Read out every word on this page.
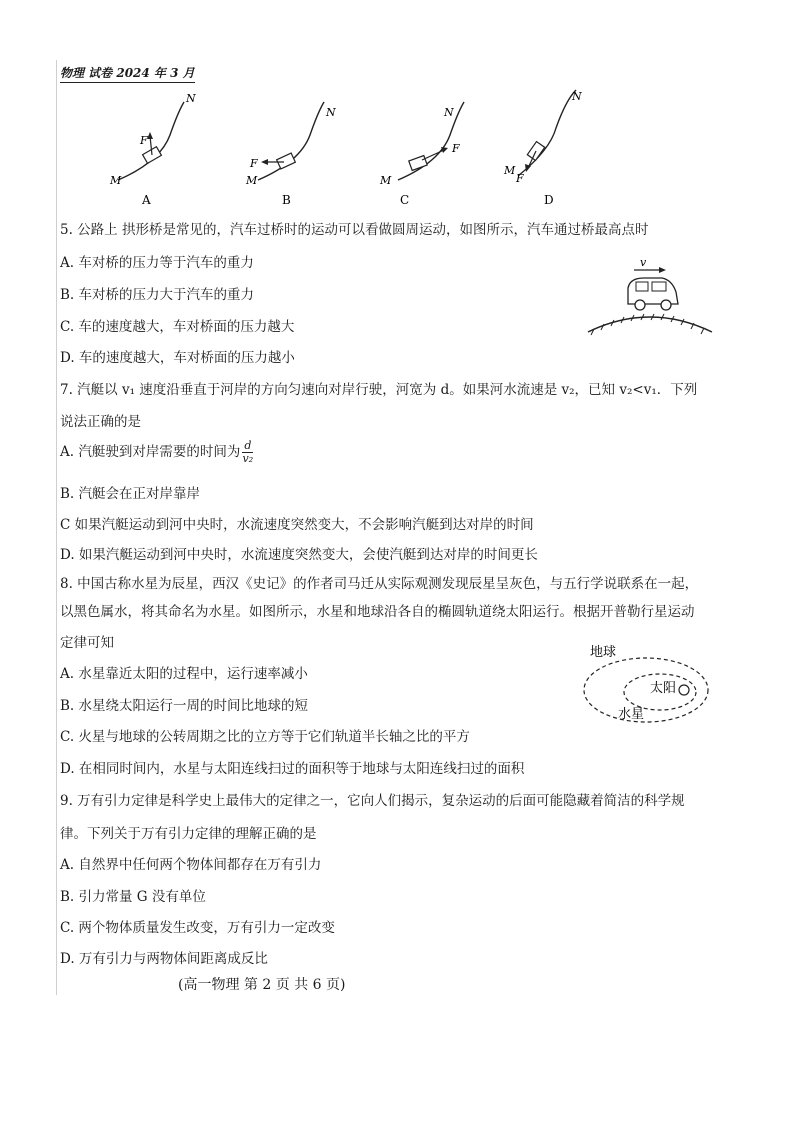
物理 试卷 2024 年 3 月
F
M
N
A
F
M
N
B
F
M
N
C
F
M
N
D
5. 公路上 拱形桥是常见的，汽车过桥时的运动可以看做圆周运动，如图所示，汽车通过桥最高点时
A. 车对桥的压力等于汽车的重力
B. 车对桥的压力大于汽车的重力
C. 车的速度越大，车对桥面的压力越大
D. 车的速度越大，车对桥面的压力越小
v
7. 汽艇以 v₁ 速度沿垂直于河岸的方向匀速向对岸行驶，河宽为 d。如果河水流速是 v₂，已知 v₂<v₁．下列
说法正确的是
A. 汽艇驶到对岸需要的时间为 $\frac{d}{\text{v₂}}$
B. 汽艇会在正对岸靠岸
C 如果汽艇运动到河中央时，水流速度突然变大，不会影响汽艇到达对岸的时间
D. 如果汽艇运动到河中央时，水流速度突然变大，会使汽艇到达对岸的时间更长
8. 中国古称水星为辰星，西汉《史记》的作者司马迁从实际观测发现辰星呈灰色，与五行学说联系在一起，
以黑色属水，将其命名为水星。如图所示，水星和地球沿各自的椭圆轨道绕太阳运行。根据开普勒行星运动
定律可知
A. 水星靠近太阳的过程中，运行速率减小
B. 水星绕太阳运行一周的时间比地球的短
C. 火星与地球的公转周期之比的立方等于它们轨道半长轴之比的平方
D. 在相同时间内，水星与太阳连线扫过的面积等于地球与太阳连线扫过的面积
地球
太阳
水星
9. 万有引力定律是科学史上最伟大的定律之一，它向人们揭示，复杂运动的后面可能隐藏着简洁的科学规
律。下列关于万有引力定律的理解正确的是
A. 自然界中任何两个物体间都存在万有引力
B. 引力常量 G 没有单位
C. 两个物体质量发生改变，万有引力一定改变
D. 万有引力与两物体间距离成反比
(高一物理 第 2 页 共 6 页)
